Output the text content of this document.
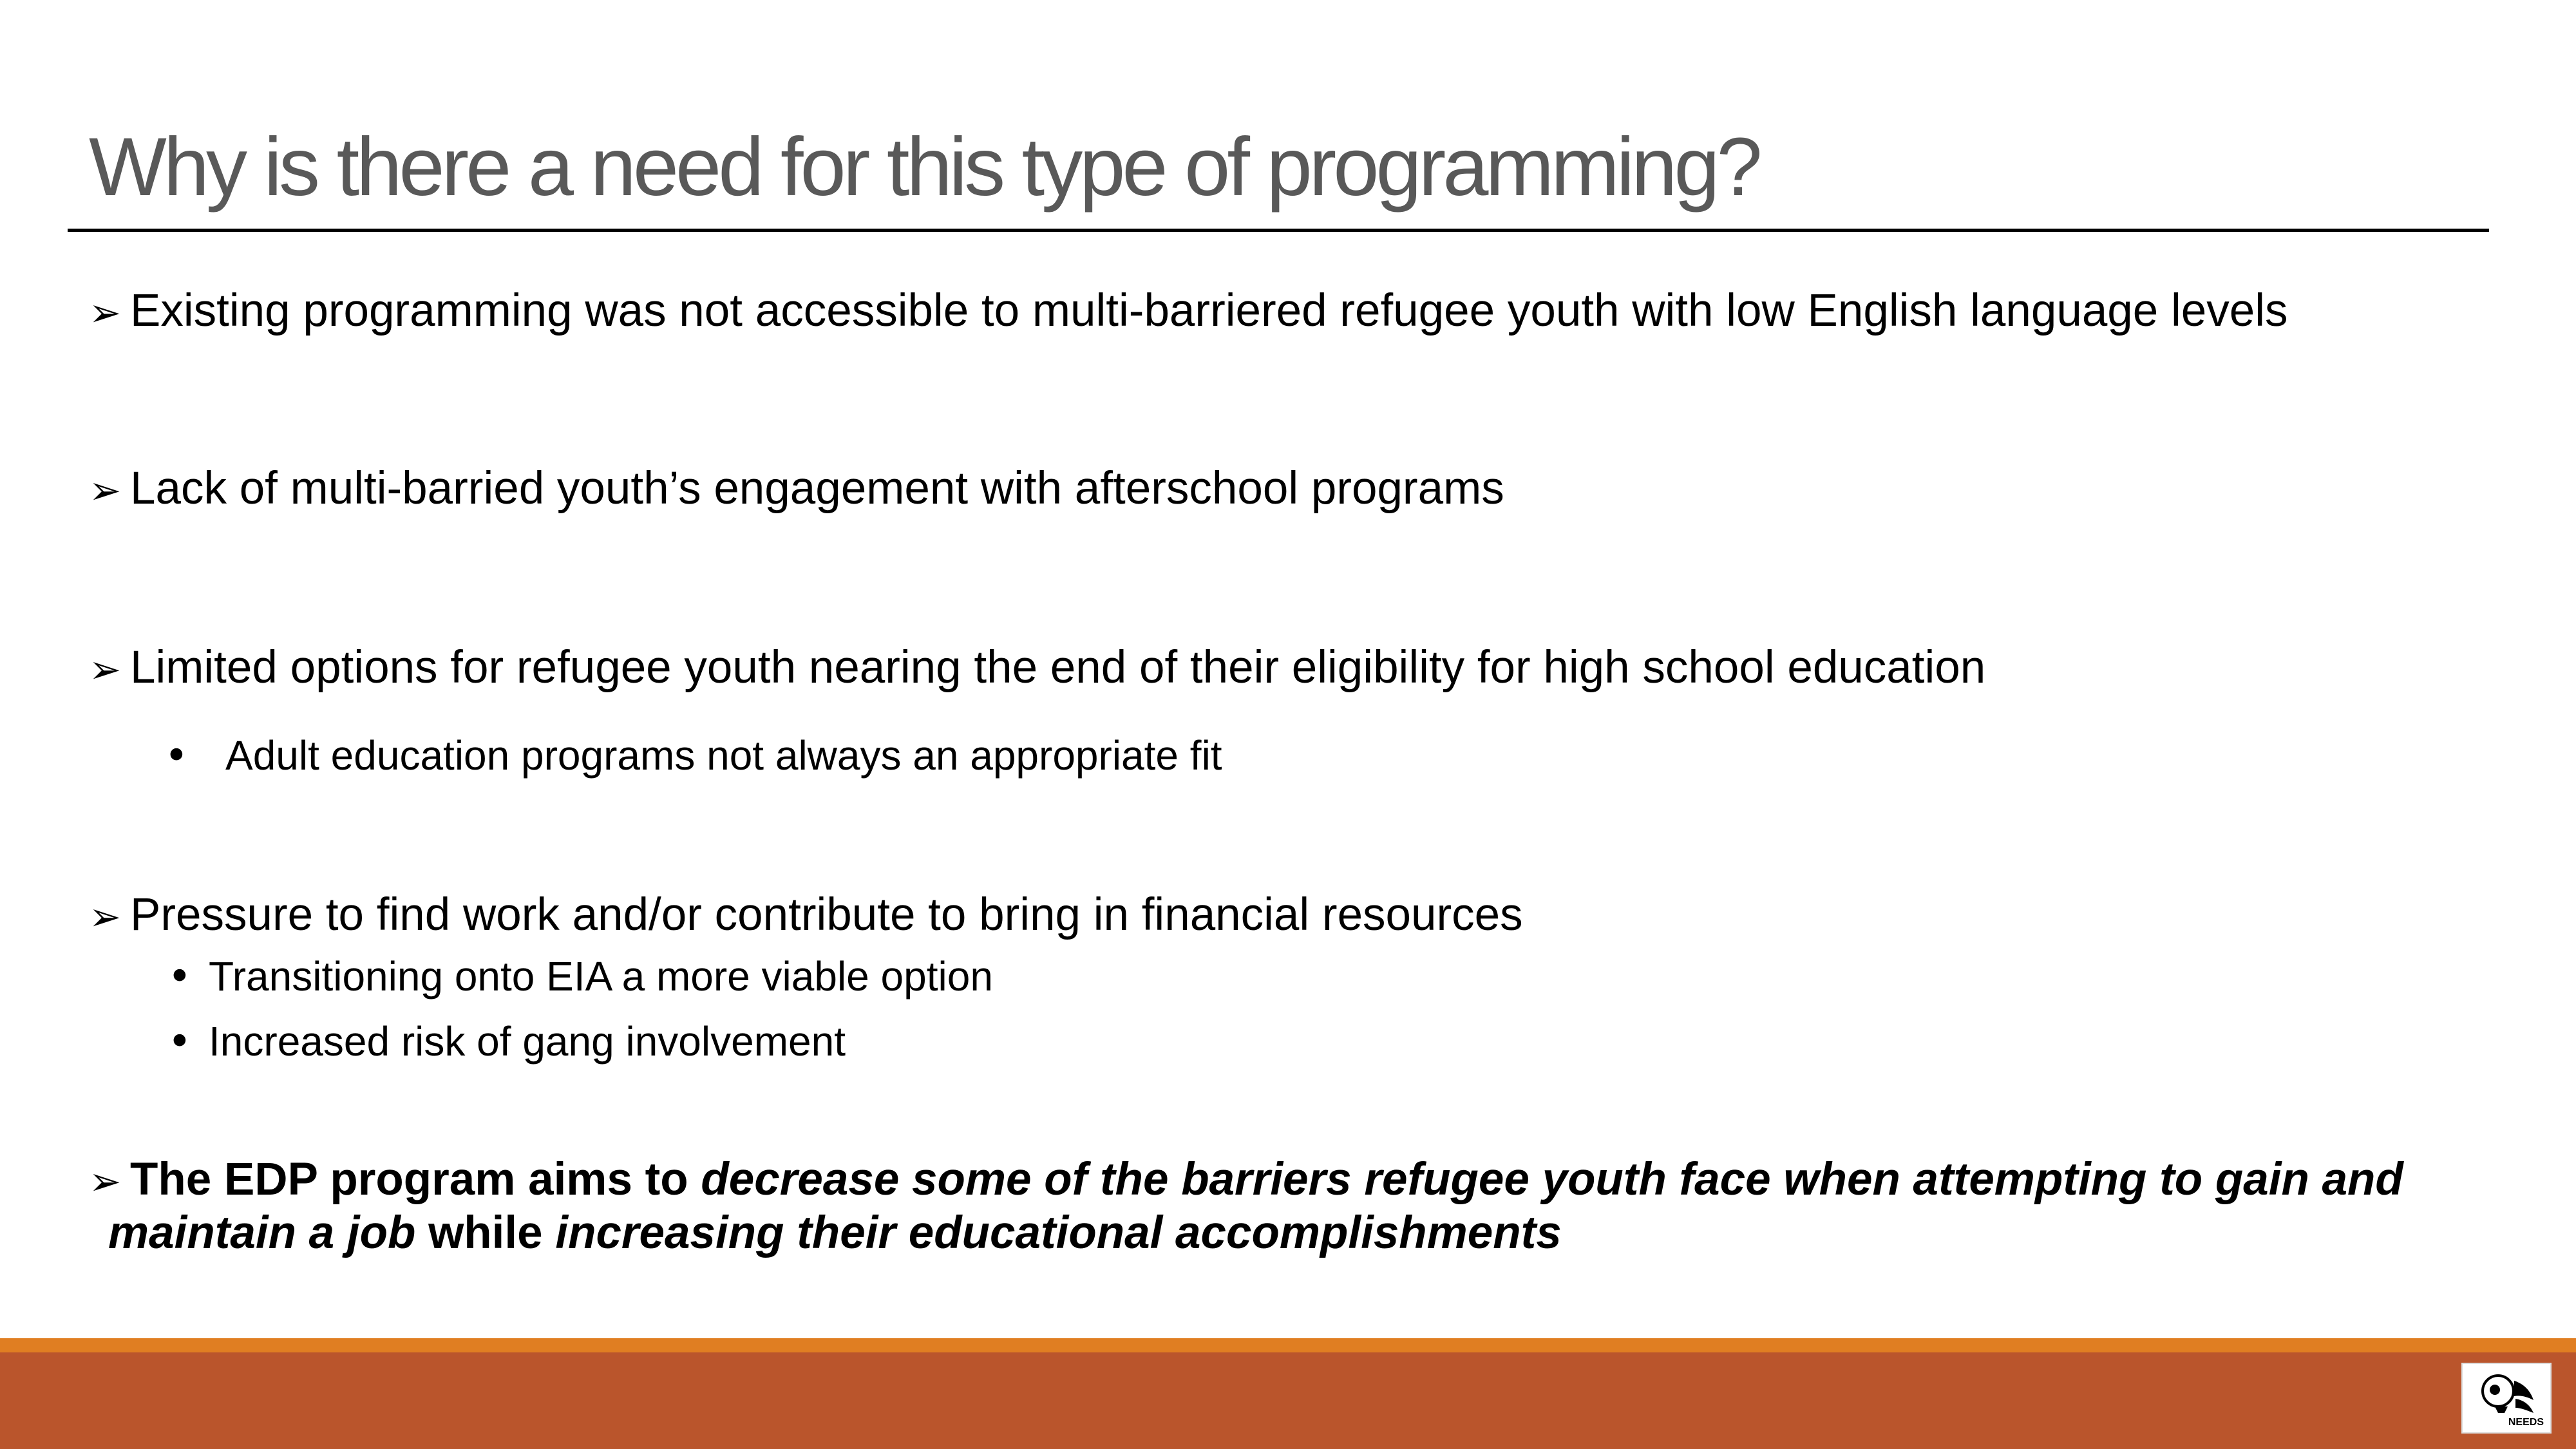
Why is there a need for this type of programming?
➢ Existing programming was not accessible to multi-barriered refugee youth with low English language levels
➢ Lack of multi-barried youth’s engagement with afterschool programs
➢ Limited options for refugee youth nearing the end of their eligibility for high school education
• Adult education programs not always an appropriate fit
➢ Pressure to find work and/or contribute to bring in financial resources
• Transitioning onto EIA a more viable option
• Increased risk of gang involvement
➢ The EDP program aims to decrease some of the barriers refugee youth face when attempting to gain and
maintain a job while increasing their educational accomplishments
NEEDS
